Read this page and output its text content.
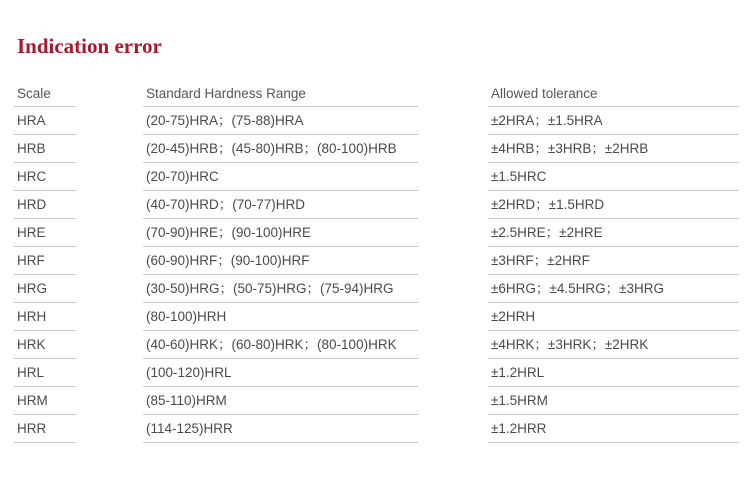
Indication error
Scale
HRA
HRB
HRC
HRD
HRE
HRF
HRG
HRH
HRK
HRL
HRM
HRR
Standard Hardness Range
(20-75)HRA；(75-88)HRA
(20-45)HRB；(45-80)HRB；(80-100)HRB
(20-70)HRC
(40-70)HRD；(70-77)HRD
(70-90)HRE；(90-100)HRE
(60-90)HRF；(90-100)HRF
(30-50)HRG；(50-75)HRG；(75-94)HRG
(80-100)HRH
(40-60)HRK；(60-80)HRK；(80-100)HRK
(100-120)HRL
(85-110)HRM
(114-125)HRR
Allowed tolerance
±2HRA；±1.5HRA
±4HRB；±3HRB；±2HRB
±1.5HRC
±2HRD；±1.5HRD
±2.5HRE；±2HRE
±3HRF；±2HRF
±6HRG；±4.5HRG；±3HRG
±2HRH
±4HRK；±3HRK；±2HRK
±1.2HRL
±1.5HRM
±1.2HRR
